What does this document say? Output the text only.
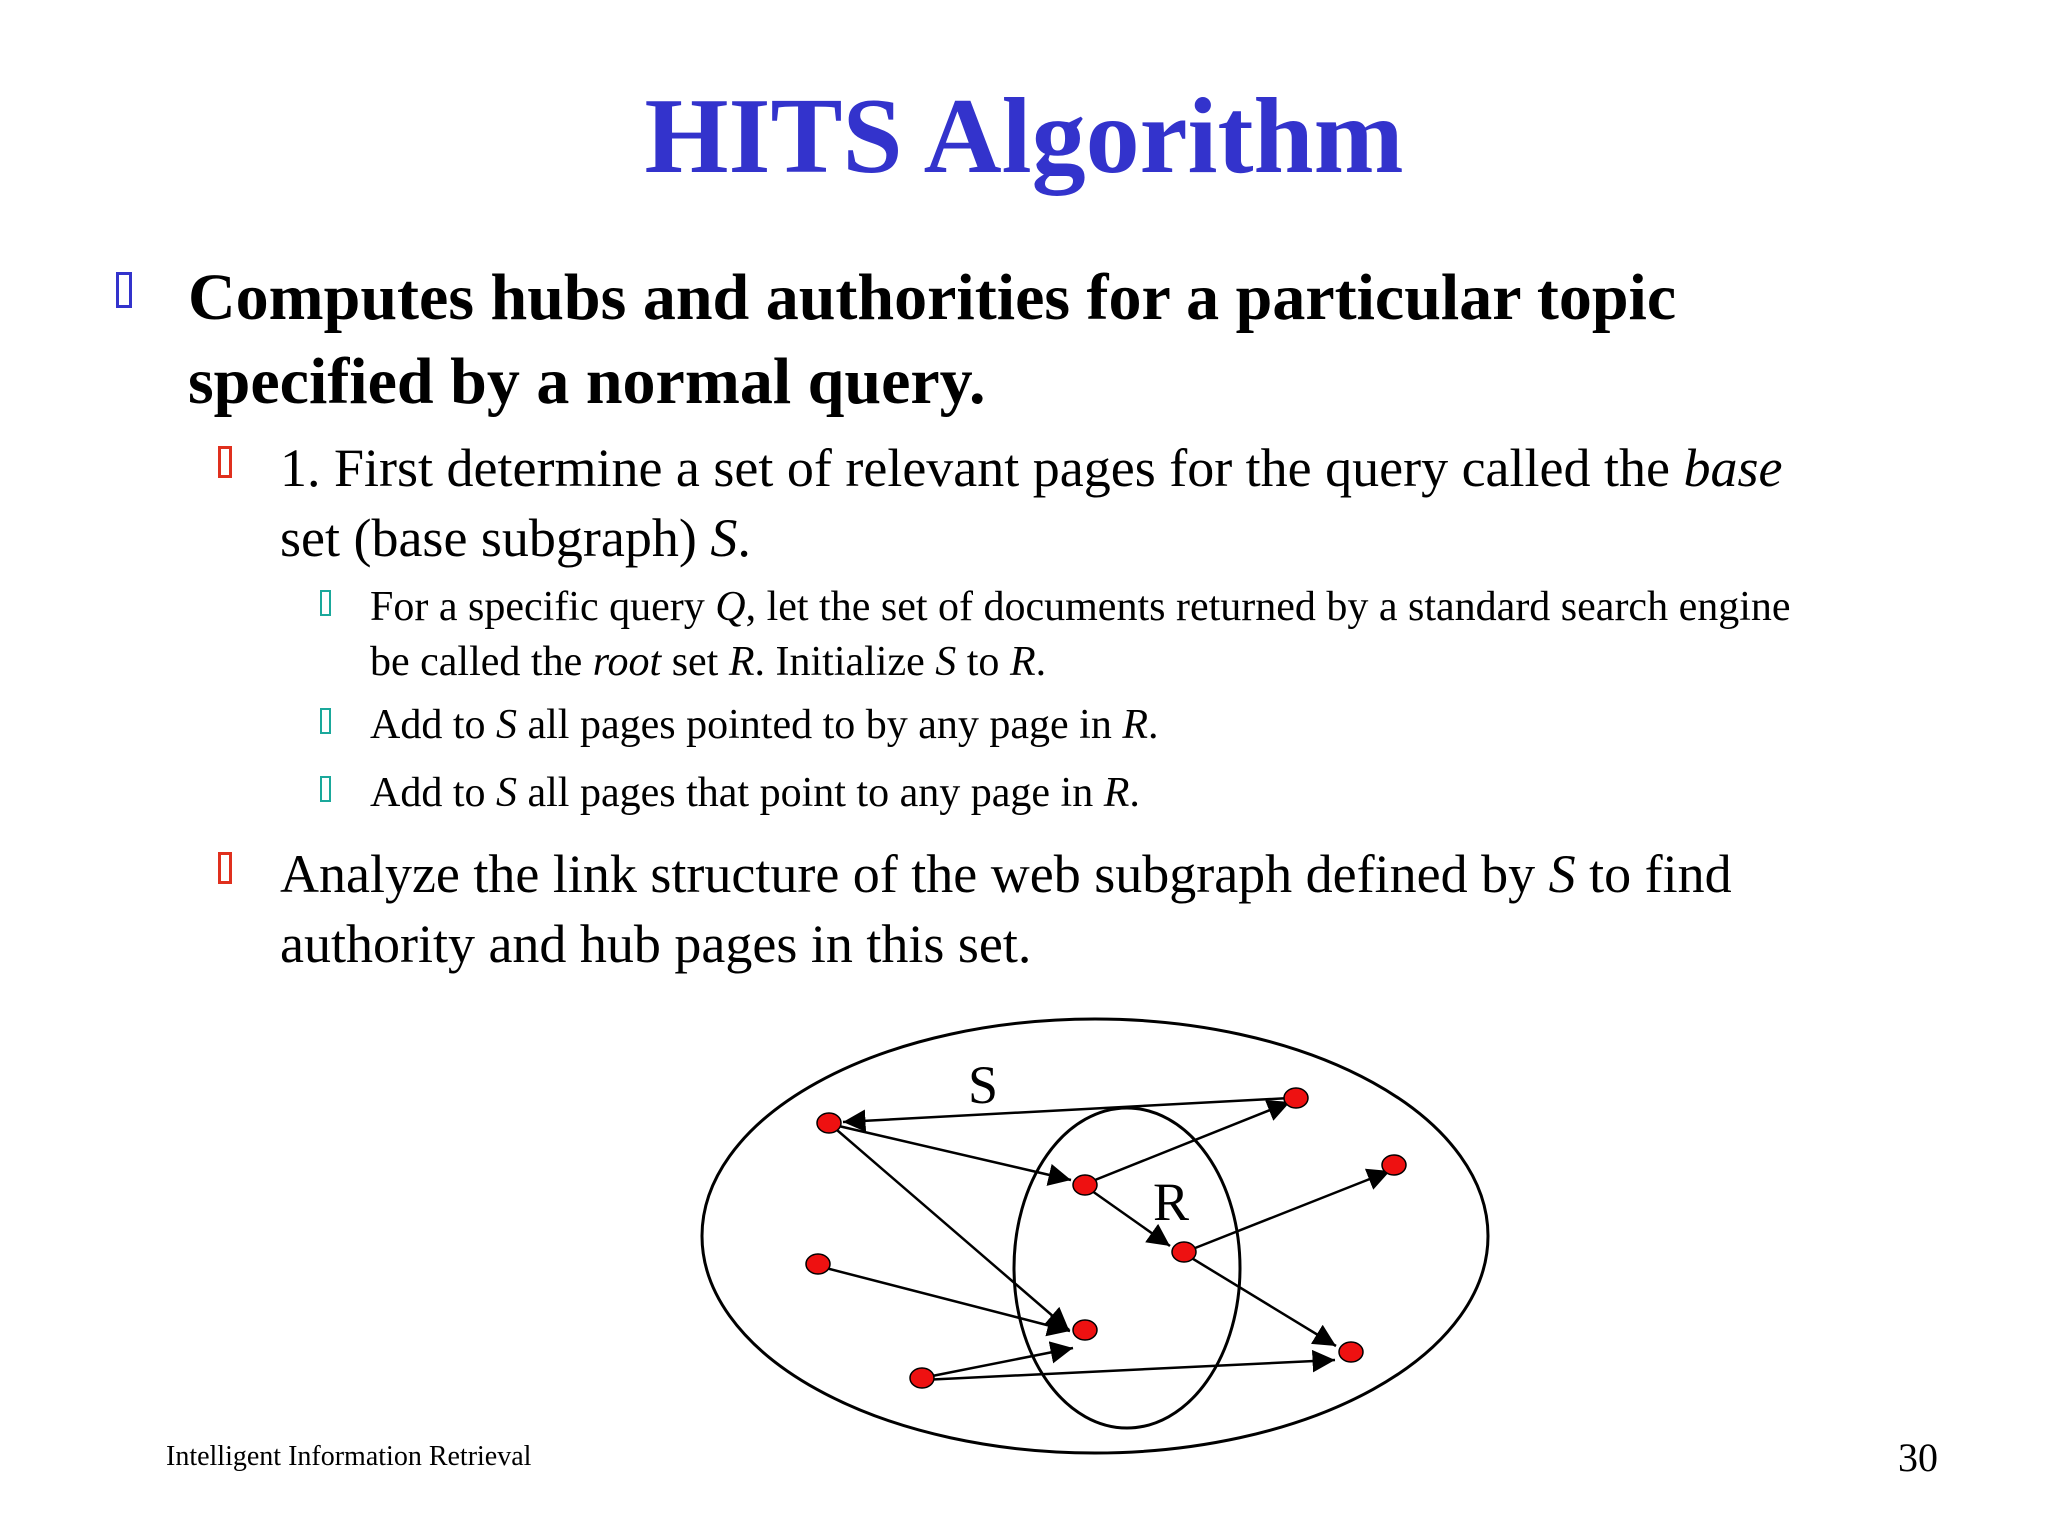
HITS Algorithm
Computes hubs and authorities for a particular topic
specified by a normal query.
1. First determine a set of relevant pages for the query called the base
set (base subgraph) S.
For a specific query Q, let the set of documents returned by a standard search engine
be called the root set R. Initialize S to R.
Add to S all pages pointed to by any page in R.
Add to S all pages that point to any page in R.
Analyze the link structure of the web subgraph defined by S to find
authority and hub pages in this set.
S
R
Intelligent Information Retrieval	30
